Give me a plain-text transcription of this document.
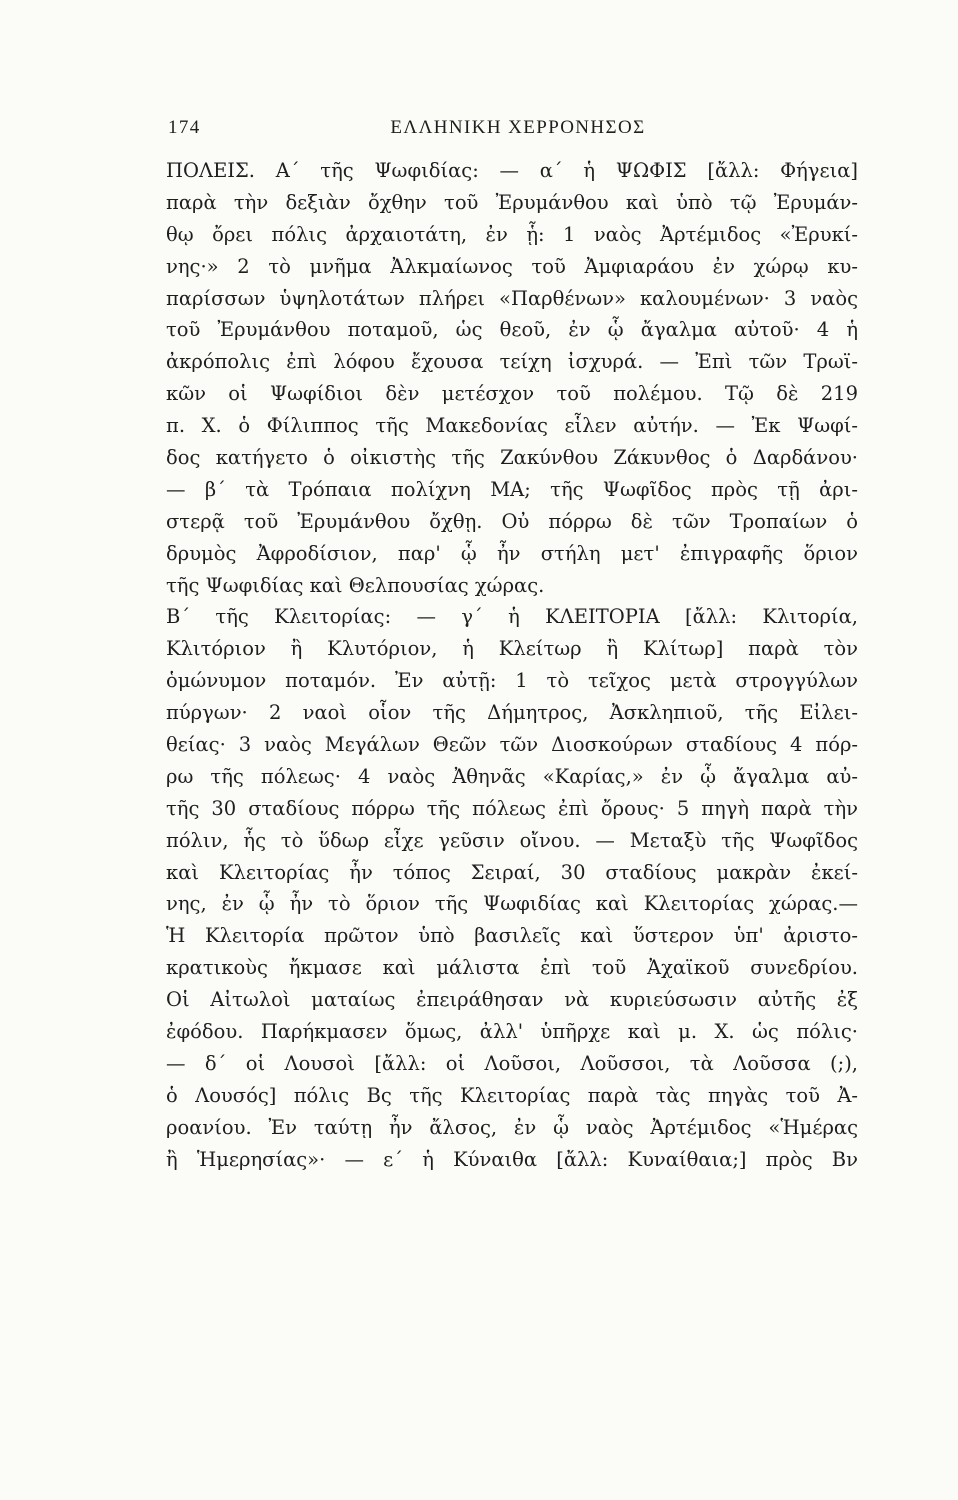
174	ΕΛΛΗΝΙΚΗ ΧΕΡΡΟΝΗΣΟΣ
ΠΟΛΕΙΣ. Α΄ τῆς Ψωφιδίας: — α΄ ἡ ΨΩΦΙΣ [ἄλλ: Φήγεια]
παρὰ τὴν δεξιὰν ὄχθην τοῦ Ἐρυμάνθου καὶ ὑπὸ τῷ Ἐρυμάν-
θῳ ὄρει πόλις ἀρχαιοτάτη, ἐν ᾗ: 1 ναὸς Ἀρτέμιδος «Ἐρυκί-
νης·» 2 τὸ μνῆμα Ἀλκμαίωνος τοῦ Ἀμφιαράου ἐν χώρῳ κυ-
παρίσσων ὑψηλοτάτων πλήρει «Παρθένων» καλουμένων· 3 ναὸς
τοῦ Ἐρυμάνθου ποταμοῦ, ὡς θεοῦ, ἐν ᾧ ἄγαλμα αὐτοῦ· 4 ἡ
ἀκρόπολις ἐπὶ λόφου ἔχουσα τείχη ἰσχυρά. — Ἐπὶ τῶν Τρωϊ-
κῶν οἱ Ψωφίδιοι δὲν μετέσχον τοῦ πολέμου. Τῷ δὲ 219
π. Χ. ὁ Φίλιππος τῆς Μακεδονίας εἷλεν αὐτήν. — Ἐκ Ψωφί-
δος κατήγετο ὁ οἰκιστὴς τῆς Ζακύνθου Ζάκυνθος ὁ Δαρδάνου·
— β΄ τὰ Τρόπαια πολίχνη ΜΑ; τῆς Ψωφῖδος πρὸς τῇ ἀρι-
στερᾷ τοῦ Ἐρυμάνθου ὄχθῃ. Οὐ πόρρω δὲ τῶν Τροπαίων ὁ
δρυμὸς Ἀφροδίσιον, παρ' ᾧ ἦν στήλη μετ' ἐπιγραφῆς ὅριον
τῆς Ψωφιδίας καὶ Θελπουσίας χώρας.
Β΄ τῆς Κλειτορίας: — γ΄ ἡ ΚΛΕΙΤΟΡΙΑ [ἄλλ: Κλιτορία,
Κλιτόριον ἢ Κλυτόριον, ἡ Κλείτωρ ἢ Κλίτωρ] παρὰ τὸν
ὁμώνυμον ποταμόν. Ἐν αὐτῇ: 1 τὸ τεῖχος μετὰ στρογγύλων
πύργων· 2 ναοὶ οἷον τῆς Δήμητρος, Ἀσκληπιοῦ, τῆς Εἰλει-
θείας· 3 ναὸς Μεγάλων Θεῶν τῶν Διοσκούρων σταδίους 4 πόρ-
ρω τῆς πόλεως· 4 ναὸς Ἀθηνᾶς «Καρίας,» ἐν ᾧ ἄγαλμα αὐ-
τῆς 30 σταδίους πόρρω τῆς πόλεως ἐπὶ ὄρους· 5 πηγὴ παρὰ τὴν
πόλιν, ἧς τὸ ὕδωρ εἶχε γεῦσιν οἴνου. — Μεταξὺ τῆς Ψωφῖδος
καὶ Κλειτορίας ἦν τόπος Σειραί, 30 σταδίους μακρὰν ἐκεί-
νης, ἐν ᾧ ἦν τὸ ὅριον τῆς Ψωφιδίας καὶ Κλειτορίας χώρας.—
Ἡ Κλειτορία πρῶτον ὑπὸ βασιλεῖς καὶ ὕστερον ὑπ' ἀριστο-
κρατικοὺς ἤκμασε καὶ μάλιστα ἐπὶ τοῦ Ἀχαϊκοῦ συνεδρίου.
Οἱ Αἰτωλοὶ ματαίως ἐπειράθησαν νὰ κυριεύσωσιν αὐτῆς ἐξ
ἐφόδου. Παρήκμασεν ὅμως, ἀλλ' ὑπῆρχε καὶ μ. Χ. ὡς πόλις·
— δ΄ οἱ Λουσοὶ [ἄλλ: οἱ Λοῦσοι, Λοῦσσοι, τὰ Λοῦσσα (;),
ὁ Λουσός] πόλις Βς τῆς Κλειτορίας παρὰ τὰς πηγὰς τοῦ Ἀ-
ροανίου. Ἐν ταύτῃ ἦν ἄλσος, ἐν ᾧ ναὸς Ἀρτέμιδος «Ἡμέρας
ἢ Ἡμερησίας»· — ε΄ ἡ Κύναιθα [ἄλλ: Κυναίθαια;] πρὸς Βν
